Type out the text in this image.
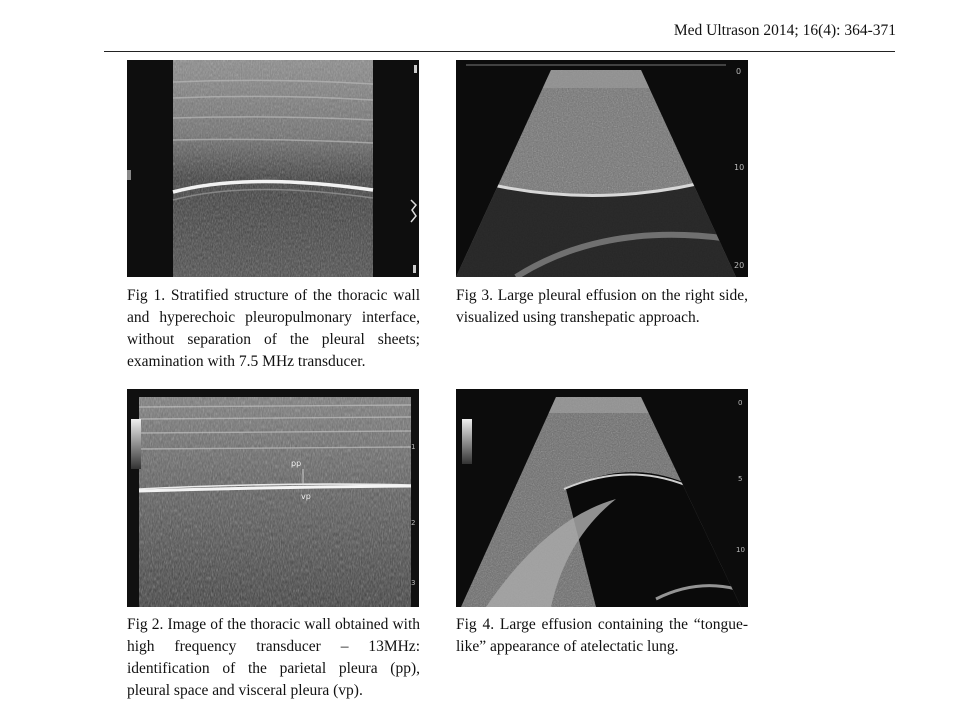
Med Ultrason 2014; 16(4): 364-371
Fig 1. Stratified structure of the thoracic wall and hyperechoic pleuropulmonary interface, without separation of the pleural sheets; examination with 7.5 MHz transducer.
0
10
20
Fig 3. Large pleural effusion on the right side, visualized using transhepatic approach.
pp
vp
1
2
3
Fig 2. Image of the thoracic wall obtained with high frequency transducer – 13MHz: identification of the parietal pleura (pp), pleural space and visceral pleura (vp).
0
5
10
Fig 4. Large effusion containing the “tongue-like” appearance of atelectatic lung.
